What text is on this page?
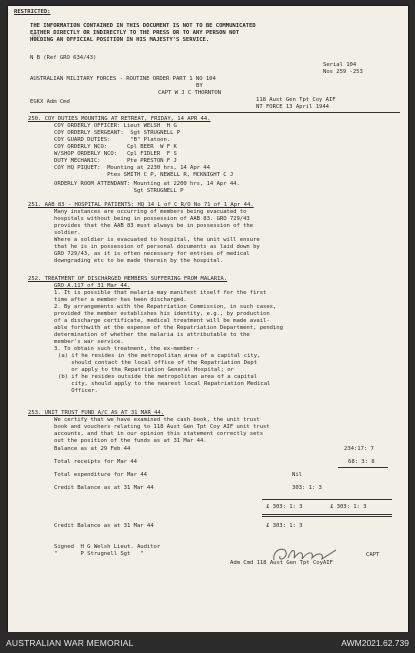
RESTRICTED:
THE INFORMATION CONTAINED IN THIS DOCUMENT IS NOT TO BE COMMUNICATED
EITHER DIRECTLY OR INDIRECTLY TO THE PRESS OR TO ANY PERSON NOT
HOLDING AN OFFICIAL POSITION IN HIS MAJESTY'S SERVICE.
N B (Ref GRO 634/43)
Serial 104
Nos 259 -253
AUSTRALIAN MILITARY FORCES - ROUTINE ORDER PART 1 NO 104
BY
CAPT W J C THORNTON
EGKX Adm Cmd	118 Aust Gen Tpt Coy AIF
NT FORCE 13 April 1944
250. COY DUTIES MOUNTING AT RETREAT, FRIDAY, 14 APR 44.
COY ORDERLY OFFICER: Lieut WELSH  H G
COY ORDERLY SERGEANT:  Sgt STRUGNELL P
COY GUARD DUTIES:      "B" Platoon.
COY ORDERLY NCO:      Cpl BEER  W F K
W/SHOP ORDERLY NCO:   Cpl FIDLER  F S
DUTY MECHANIC:        Pte PRESTON F J
COY HQ PIQUET:  Mounting at 2230 hrs, 14 Apr 44
Ptes SMITH C P, NEWELL R, MCKNIGHT C J
ORDERLY ROOM ATTENDANT: Mounting at 2200 hrs, 14 Apr 44.
Sgt STRUGNELL P
251. AAB 83 - HOSPITAL PATIENTS: HQ 14 L of C R/O No 71 of 1 Apr 44.
Many instances are occurring of members being evacuated to
hospitals without being in possession of AAB 83. GRO 729/43
provides that the AAB 83 must always be in possession of the
soldier.
Where a soldier is evacuated to hospital, the unit will ensure
that he is in possession of personal documents as laid down by
GRO 729/43, as it is often necessary for entries of medical
downgrading etc to be made therein by the hospital.
252. TREATMENT OF DISCHARGED MEMBERS SUFFERING FROM MALARIA.
GRO A.117 of 31 Mar 44.
1. It is possible that malaria may manifest itself for the first
time after a member has been discharged.
2. By arrangements with the Repatriation Commission, in such cases,
provided the member establishes his identity, e.g., by production
of a discharge certificate, medical treatment will be made avail-
able forthwith at the expense of the Repatriation Department, pending
determination of whether the malaria is attributable to the
member's war service.
3. To obtain such treatment, the ex-member -
(a) if he resides in the metropolitan area of a capital city,
should contact the local office of the Repatriation Dept
or apply to the Repatriation General Hospital; or
(b) if he resides outside the metropolitan area of a capital
city, should apply to the nearest local Repatriation Medical
Officer.
253. UNIT TRUST FUND A/C AS AT 31 MAR 44.
We certify that we have examined the cash book, the unit trust
book and vouchers relating to 118 Aust Gen Tpt Coy AIF unit trust
accounts, and that in our opinion this statement correctly sets
out the position of the funds as at 31 Mar 44.
Balance as at 29 Feb 44	234:17: 7
Total receipts for Mar 44	68: 3: 8
Total expenditure for Mar 44	Nil
Credit Balance as at 31 Mar 44	303: 1: 3
£ 303: 1: 3	£ 303: 1: 3
Credit Balance as at 31 Mar 44	£ 303: 1: 3
Signed  H G Welsh Lieut. Auditor
"       P Strugnell Sgt   "	CAPT
Adm Cmd 118 Aust Gen Tpt CoyAIF
AUSTRALIAN WAR MEMORIAL	AWM2021.62.739
